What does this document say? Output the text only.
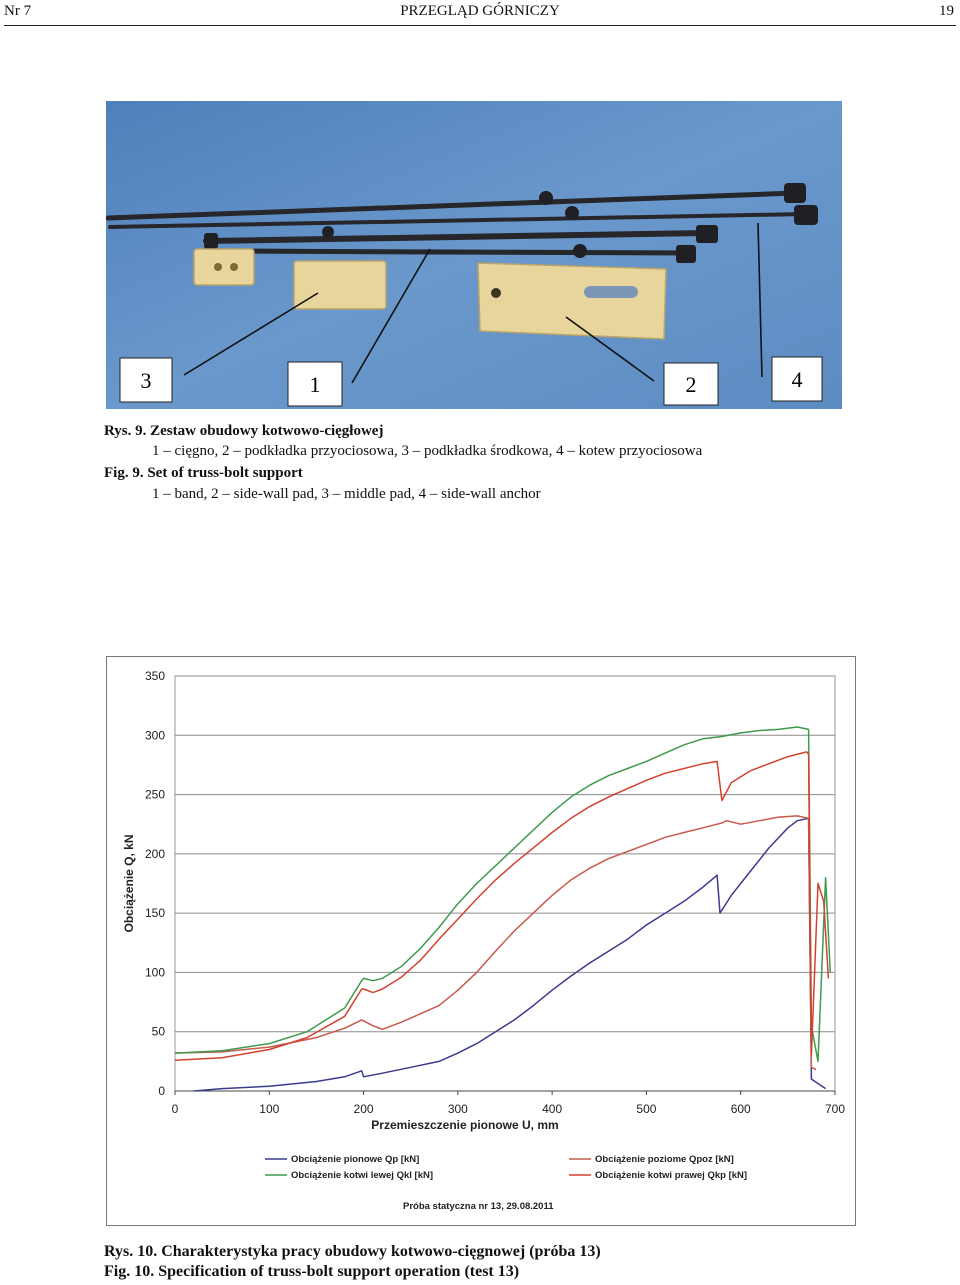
Nr 7	PRZEGLĄD GÓRNICZY	19
3	1	2	4
Rys. 9. Zestaw obudowy kotwowo-cięgłowej
1 – cięgno, 2 – podkładka przyociosowa, 3 – podkładka środkowa, 4 – kotew przyociosowa
Fig. 9. Set of truss-bolt support
1 – band, 2 – side-wall pad, 3 – middle pad, 4 – side-wall anchor
0
50
100
150
200
250
300
350
0	100	200	300	400	500	600	700
Obciążenie Q, kN
Przemieszczenie pionowe U, mm
Obciążenie pionowe Qp [kN]	Obciążenie poziome Qpoz [kN]
Obciążenie kotwi lewej Qkl [kN]	Obciążenie kotwi prawej Qkp [kN]
Próba statyczna nr 13, 29.08.2011
Rys. 10. Charakterystyka pracy obudowy kotwowo-cięgnowej (próba 13)
Fig. 10. Specification of truss-bolt support operation (test 13)
